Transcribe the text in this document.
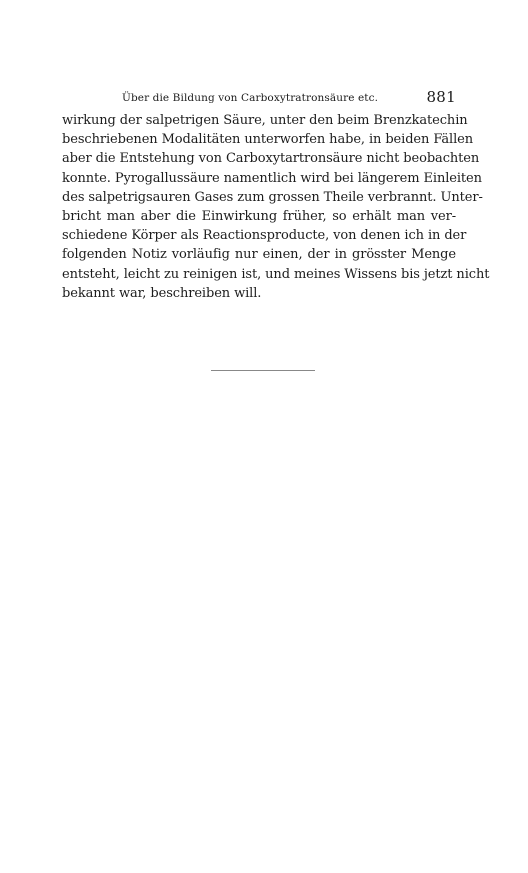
Über die Bildung von Carboxytratronsäure etc.	881
wirkung der salpetrigen Säure, unter den beim Brenzkatechin
beschriebenen Modalitäten unterworfen habe, in beiden Fällen
aber die Entstehung von Carboxytartronsäure nicht beobachten
konnte. Pyrogallussäure namentlich wird bei längerem Einleiten
des salpetrigsauren Gases zum grossen Theile verbrannt. Unter-
bricht man aber die Einwirkung früher, so erhält man ver-
schiedene Körper als Reactionsproducte, von denen ich in der
folgenden Notiz vorläufig nur einen, der in grösster Menge
entsteht, leicht zu reinigen ist, und meines Wissens bis jetzt nicht
bekannt war, beschreiben will.
